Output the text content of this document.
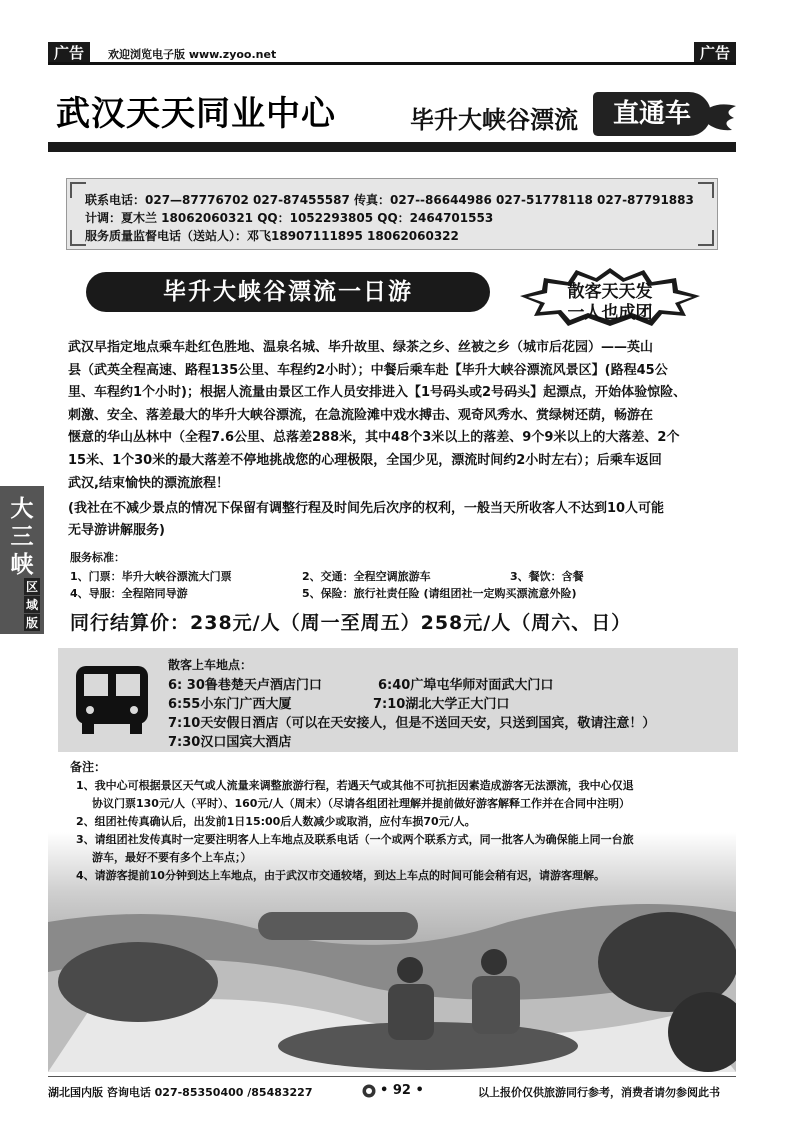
广告	欢迎浏览电子版 www.zyoo.net	广告
武汉天天同业中心	毕升大峡谷漂流	直通车
联系电话：027—87776702 027-87455587 传真：027--86644986 027-51778118 027-87791883
计调：夏木兰 18062060321 QQ：1052293805 QQ：2464701553
服务质量监督电话（送站人）：邓飞18907111895 18062060322
毕升大峡谷漂流一日游	散客天天发
一人也成团
武汉早指定地点乘车赴红色胜地、温泉名城、毕升故里、绿茶之乡、丝被之乡（城市后花园）——英山
县（武英全程高速、路程135公里、车程约2小时）；中餐后乘车赴【毕升大峡谷漂流风景区】(路程45公
里、车程约1个小时)；根据人流量由景区工作人员安排进入【1号码头或2号码头】起漂点，开始体验惊险、
刺激、安全、落差最大的毕升大峡谷漂流，在急流险滩中戏水搏击、观奇风秀水、赏绿树还荫，畅游在
惬意的华山丛林中（全程7.6公里、总落差288米，其中48个3米以上的落差、9个9米以上的大落差、2个
15米、1个30米的最大落差不停地挑战您的心理极限，全国少见，漂流时间约2小时左右）；后乘车返回
武汉,结束愉快的漂流旅程！
(我社在不减少景点的情况下保留有调整行程及时间先后次序的权利，一般当天所收客人不达到10人可能
无导游讲解服务)
服务标准：
1、门票：毕升大峡谷漂流大门票	2、交通：全程空调旅游车	3、餐饮：含餐
4、导服：全程陪同导游	5、保险：旅行社责任险 (请组团社一定购买漂流意外险)
同行结算价：238元/人（周一至周五）258元/人（周六、日）
散客上车地点：
6: 30鲁巷楚天卢酒店门口	6:40广埠屯华师对面武大门口
6:55小东门广西大厦	7:10湖北大学正大门口
7:10天安假日酒店（可以在天安接人，但是不送回天安，只送到国宾，敬请注意！）
7:30汉口国宾大酒店
备注：
1、我中心可根据景区天气或人流量来调整旅游行程，若遇天气或其他不可抗拒因素造成游客无法漂流，我中心仅退
协议门票130元/人（平时）、160元/人（周末）（尽请各组团社理解并提前做好游客解释工作并在合同中注明）
2、组团社传真确认后，出发前1日15:00后人数减少或取消，应付车损70元/人。
3、请组团社发传真时一定要注明客人上车地点及联系电话（一个或两个联系方式，同一批客人为确保能上同一台旅
游车，最好不要有多个上车点；）
4、请游客提前10分钟到达上车地点，由于武汉市交通较堵，到达上车点的时间可能会稍有迟，请游客理解。
大
三
峡
区
域
版
湖北国内版 咨询电话 027-85350400 /85483227	• 92 •	以上报价仅供旅游同行参考，消费者请勿参阅此书
